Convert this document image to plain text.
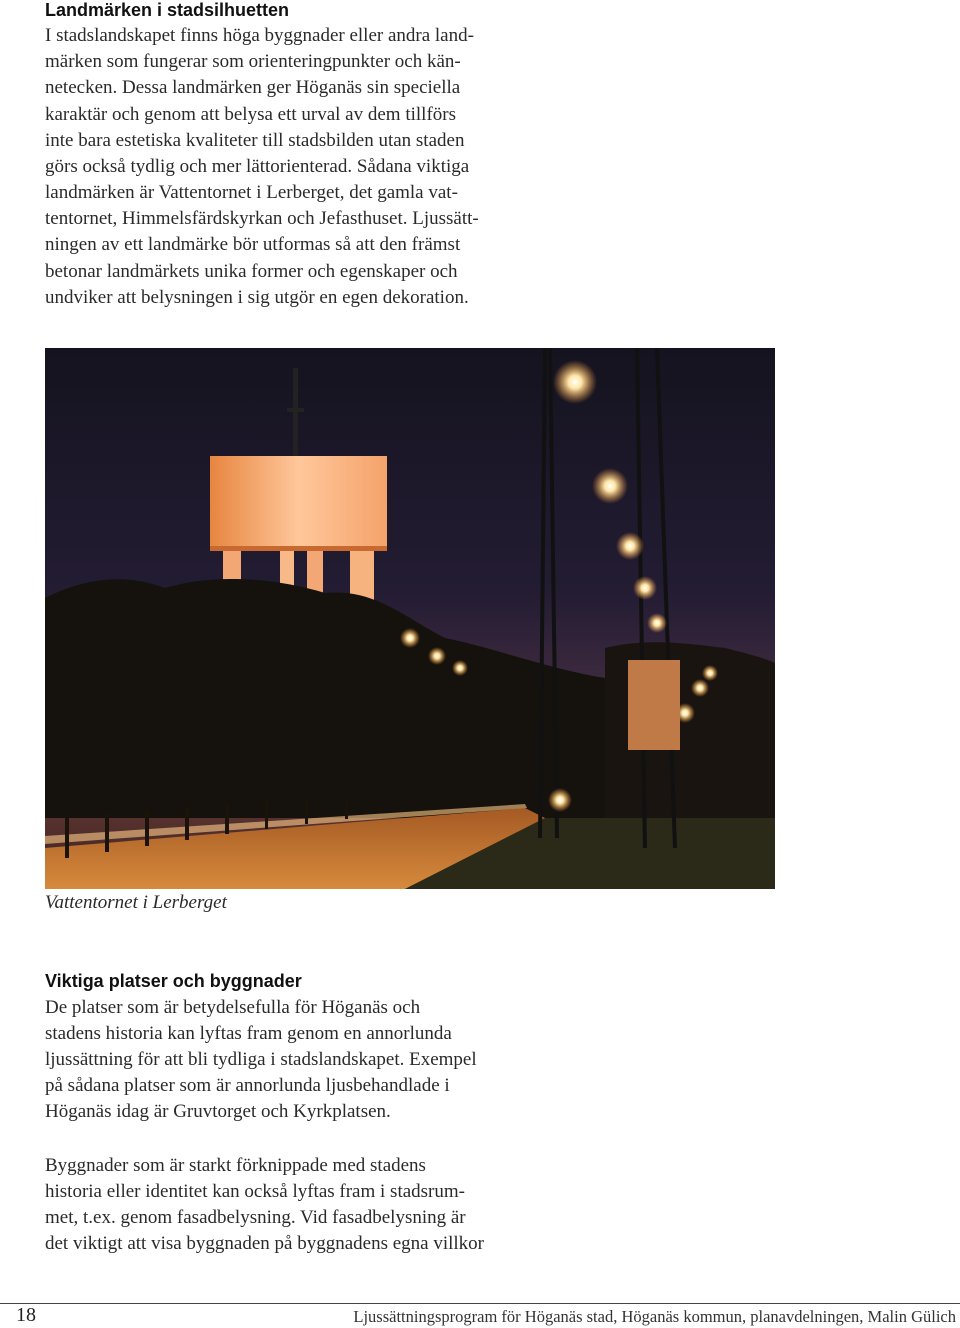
Landmärken i stadsilhuetten

I stadslandskapet finns höga byggnader eller andra land-

märken som fungerar som orienteringpunkter och kän-

netecken. Dessa landmärken ger Höganäs sin speciella

karaktär och genom att belysa ett urval av dem tillförs

inte bara estetiska kvaliteter till stadsbilden utan staden

görs också tydlig och mer lättorienterad. Sådana viktiga

landmärken är Vattentornet i Lerberget, det gamla vat-

tentornet, Himmelsfärdskyrkan och Jefasthuset. Ljussätt-

ningen av ett landmärke bör utformas så att den främst

betonar landmärkets unika former och egenskaper och

undviker att belysningen i sig utgör en egen dekoration.

Vattentornet i Lerberget

Viktiga platser och byggnader

De platser som är betydelsefulla för Höganäs och

stadens historia kan lyftas fram genom en annorlunda

ljussättning för att bli tydliga i stadslandskapet. Exempel

på sådana platser som är annorlunda ljusbehandlade i

Höganäs idag är Gruvtorget och Kyrkplatsen.

Byggnader som är starkt förknippade med stadens

historia eller identitet kan också lyftas fram i stadsrum-

met, t.ex. genom fasadbelysning. Vid fasadbelysning är

det viktigt att visa byggnaden på byggnadens egna villkor

18	Ljussättningsprogram för Höganäs stad, Höganäs kommun, planavdelningen, Malin Gülich
